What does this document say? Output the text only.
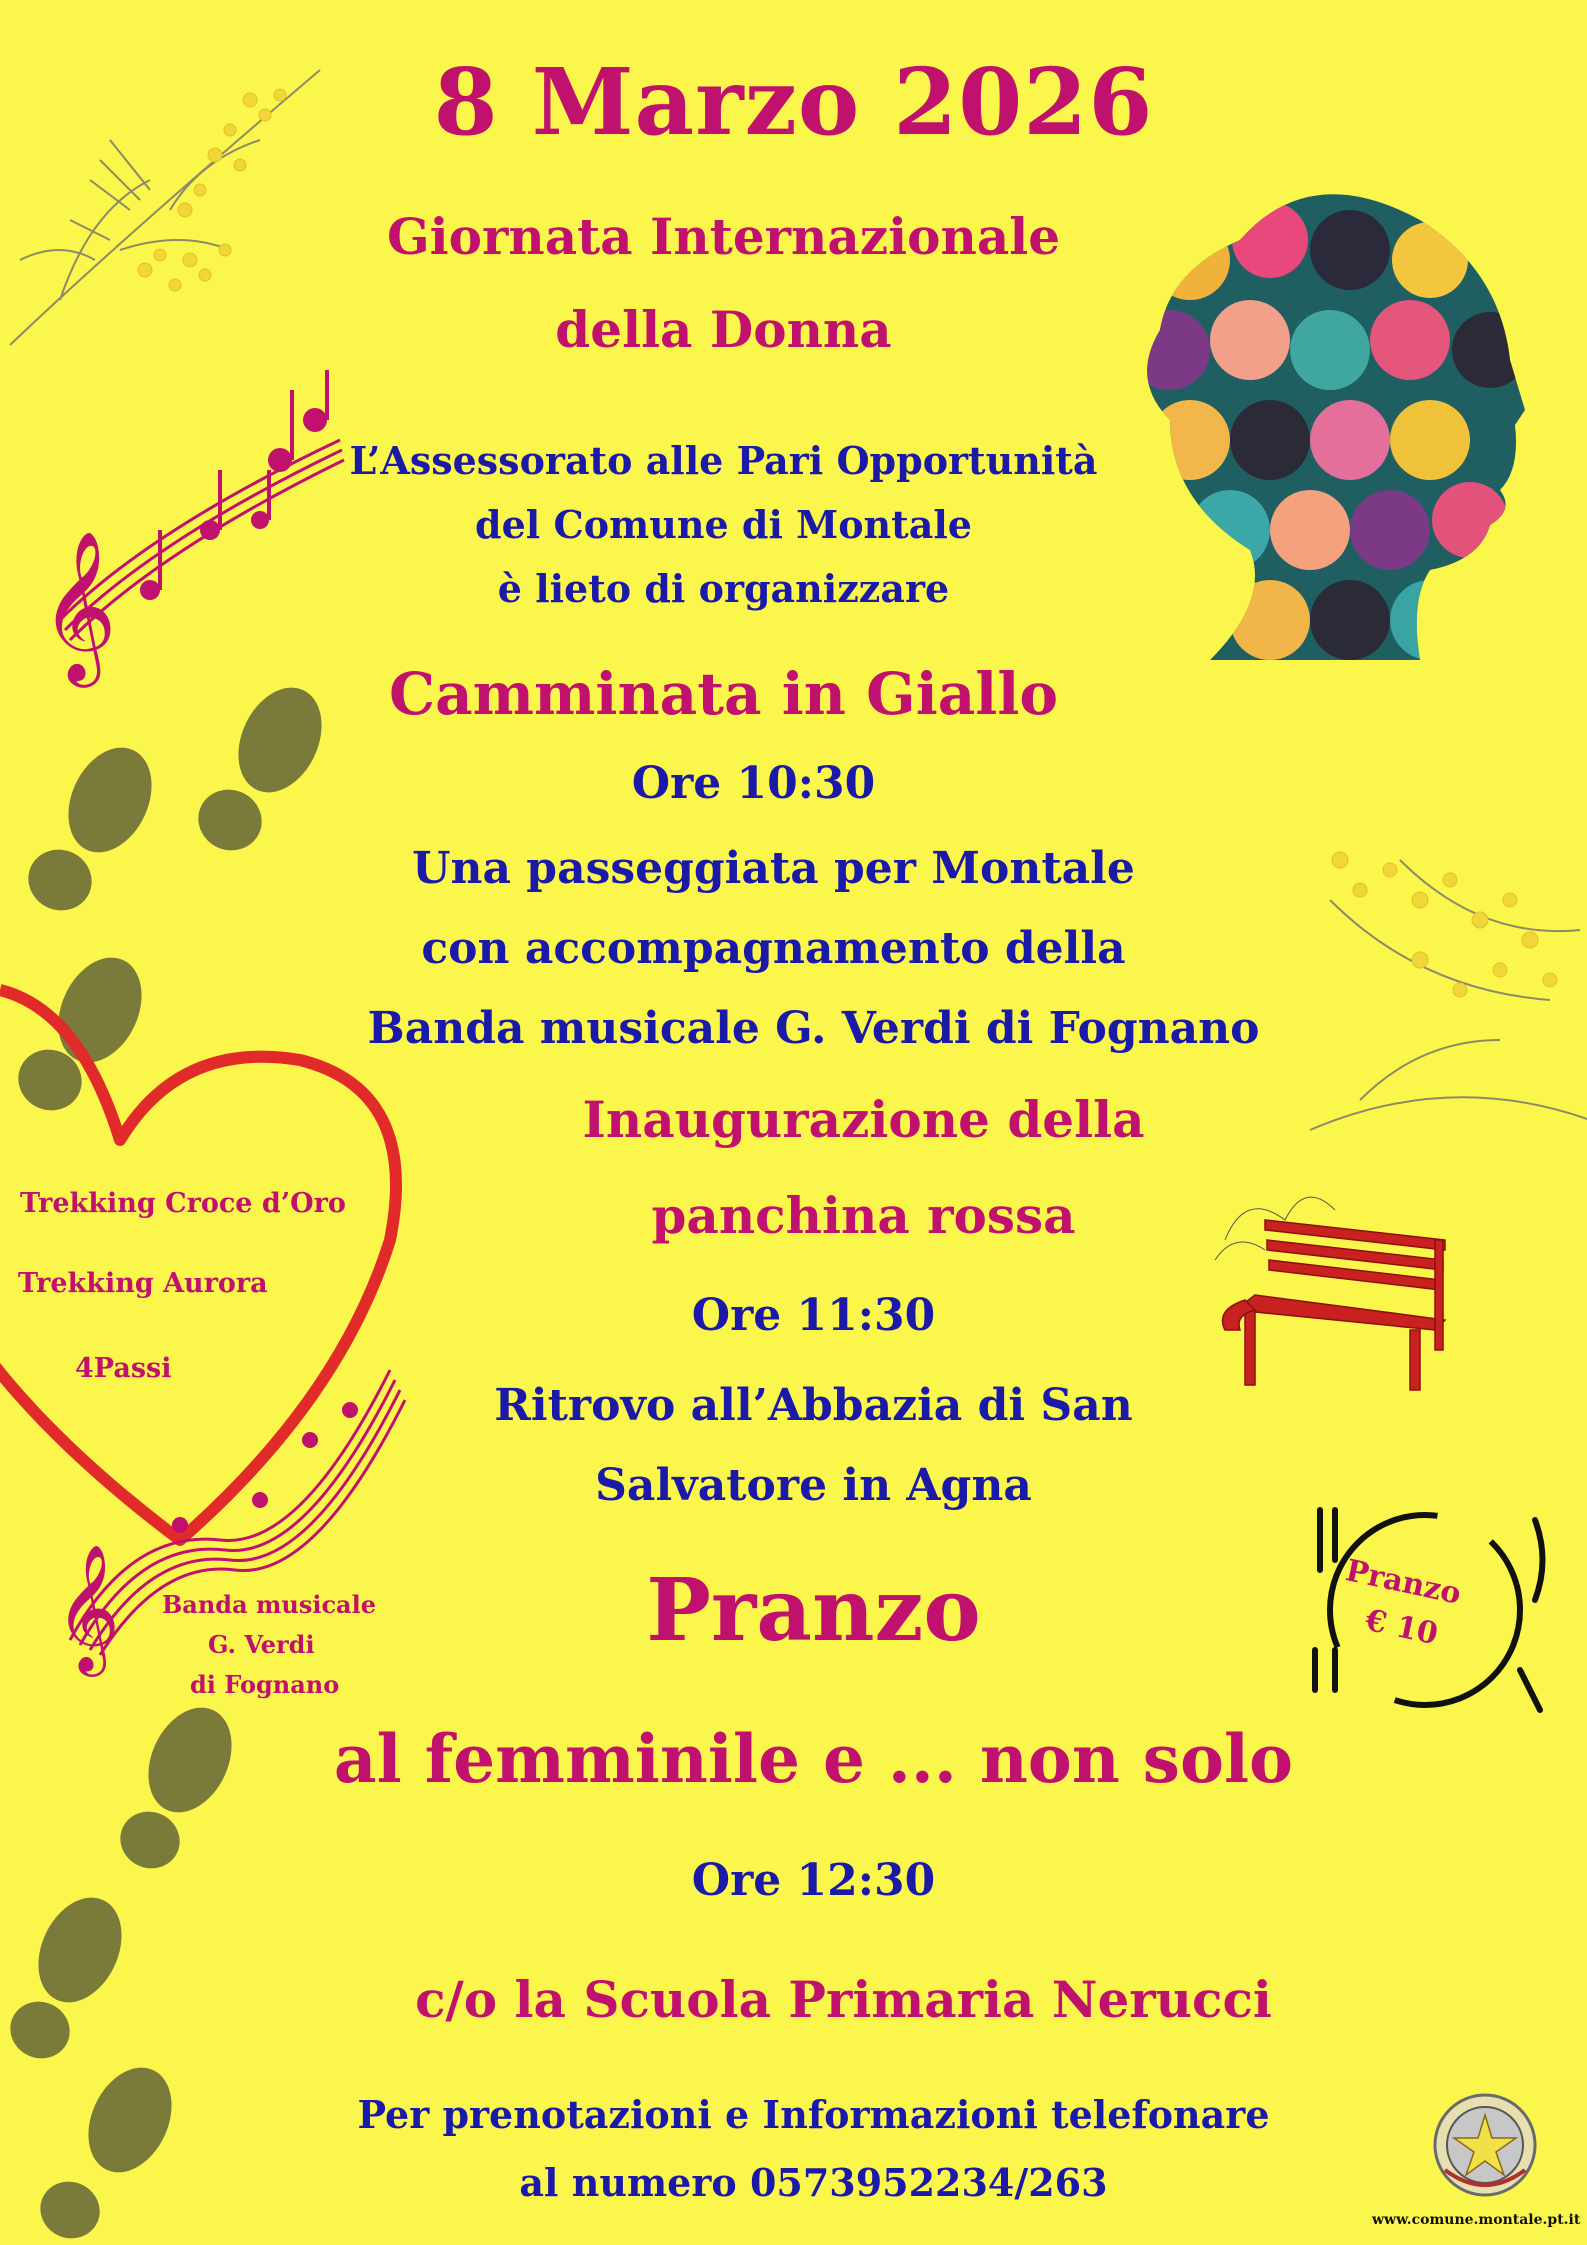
𝄞
𝄞
8 Marzo 2026
Giornata Internazionale
della Donna
L’Assessorato alle Pari Opportunità
del Comune di Montale
è lieto di organizzare
Camminata in Giallo
Ore 10:30
Una passeggiata per Montale
con accompagnamento della
Banda musicale G. Verdi di Fognano
Inaugurazione della
panchina rossa
Ore 11:30
Ritrovo all’Abbazia di San
Salvatore in Agna
Pranzo
al femminile e ... non solo
Ore 12:30
c/o la Scuola Primaria Nerucci
Per prenotazioni e Informazioni telefonare
al numero 0573952234/263
Trekking Croce d’Oro
Trekking Aurora
4Passi
Banda musicale
G. Verdi
di Fognano
Pranzo
€ 10
www.comune.montale.pt.it
